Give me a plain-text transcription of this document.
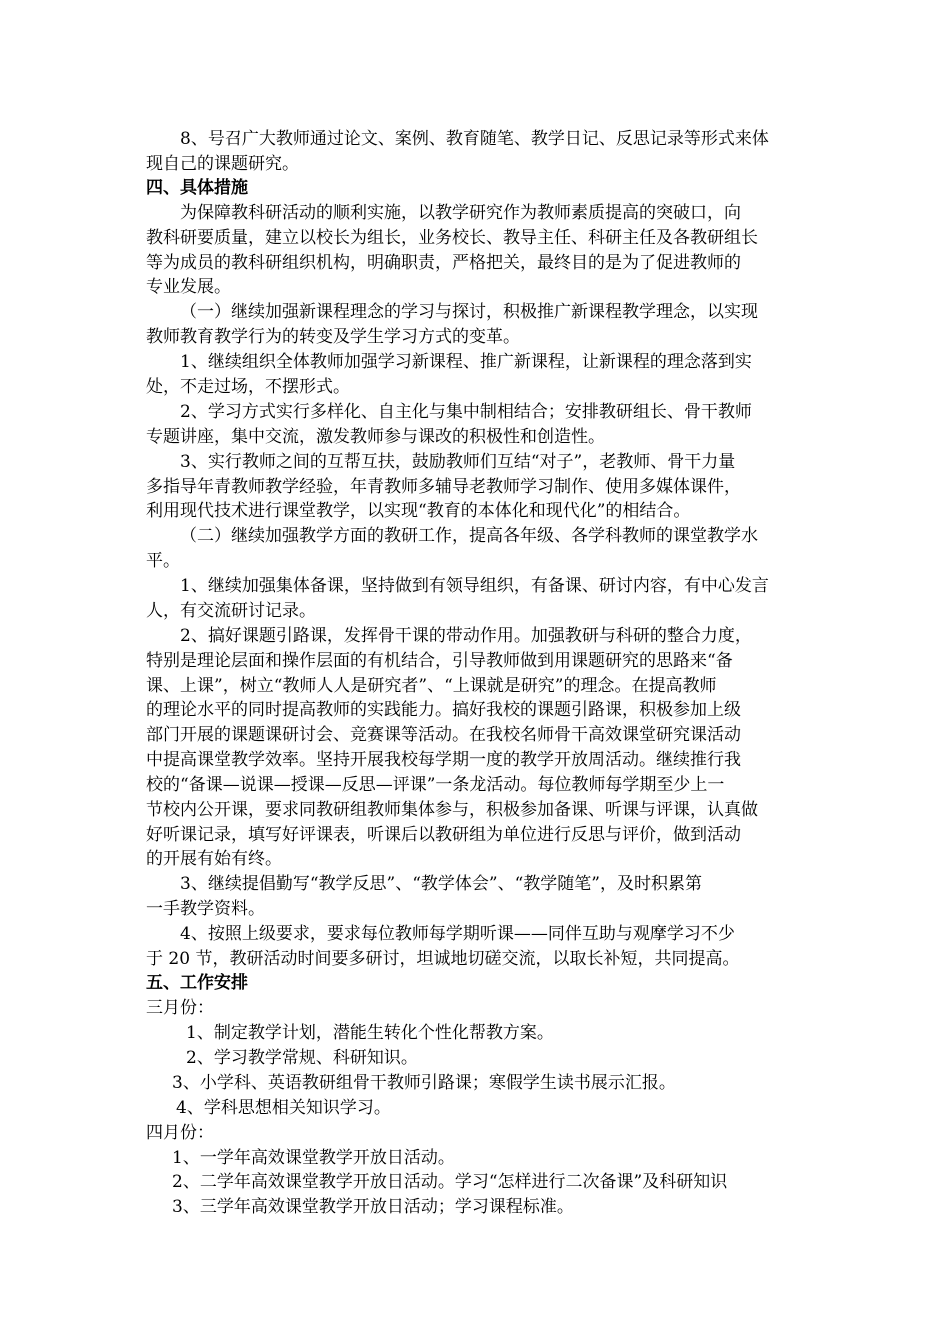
8、号召广大教师通过论文、案例、教育随笔、教学日记、反思记录等形式来体
现自己的课题研究。
四、具体措施
为保障教科研活动的顺利实施，以教学研究作为教师素质提高的突破口，向
教科研要质量，建立以校长为组长，业务校长、教导主任、科研主任及各教研组长
等为成员的教科研组织机构，明确职责，严格把关，最终目的是为了促进教师的
专业发展。
（一）继续加强新课程理念的学习与探讨，积极推广新课程教学理念，以实现
教师教育教学行为的转变及学生学习方式的变革。
1、继续组织全体教师加强学习新课程、推广新课程，让新课程的理念落到实
处，不走过场，不摆形式。
2、学习方式实行多样化、自主化与集中制相结合；安排教研组长、骨干教师
专题讲座，集中交流，激发教师参与课改的积极性和创造性。
3、实行教师之间的互帮互扶，鼓励教师们互结“对子”，老教师、骨干力量
多指导年青教师教学经验，年青教师多辅导老教师学习制作、使用多媒体课件，
利用现代技术进行课堂教学，以实现“教育的本体化和现代化”的相结合。
（二）继续加强教学方面的教研工作，提高各年级、各学科教师的课堂教学水
平。
1、继续加强集体备课，坚持做到有领导组织，有备课、研讨内容，有中心发言
人，有交流研讨记录。
2、搞好课题引路课，发挥骨干课的带动作用。加强教研与科研的整合力度，
特别是理论层面和操作层面的有机结合，引导教师做到用课题研究的思路来“备
课、上课”，树立“教师人人是研究者”、“上课就是研究”的理念。在提高教师
的理论水平的同时提高教师的实践能力。搞好我校的课题引路课，积极参加上级
部门开展的课题课研讨会、竞赛课等活动。在我校名师骨干高效课堂研究课活动
中提高课堂教学效率。坚持开展我校每学期一度的教学开放周活动。继续推行我
校的“备课—说课—授课—反思—评课”一条龙活动。每位教师每学期至少上一
节校内公开课，要求同教研组教师集体参与，积极参加备课、听课与评课，认真做
好听课记录，填写好评课表，听课后以教研组为单位进行反思与评价，做到活动
的开展有始有终。
3、继续提倡勤写“教学反思”、“教学体会”、“教学随笔”，及时积累第
一手教学资料。
4、按照上级要求，要求每位教师每学期听课——同伴互助与观摩学习不少
于 20 节，教研活动时间要多研讨，坦诚地切磋交流，以取长补短，共同提高。
五、工作安排
三月份：
1、制定教学计划，潜能生转化个性化帮教方案。
2、学习教学常规、科研知识。
3、小学科、英语教研组骨干教师引路课；寒假学生读书展示汇报。
4、学科思想相关知识学习。
四月份：
1、一学年高效课堂教学开放日活动。
2、二学年高效课堂教学开放日活动。学习“怎样进行二次备课”及科研知识
3、三学年高效课堂教学开放日活动；学习课程标准。
